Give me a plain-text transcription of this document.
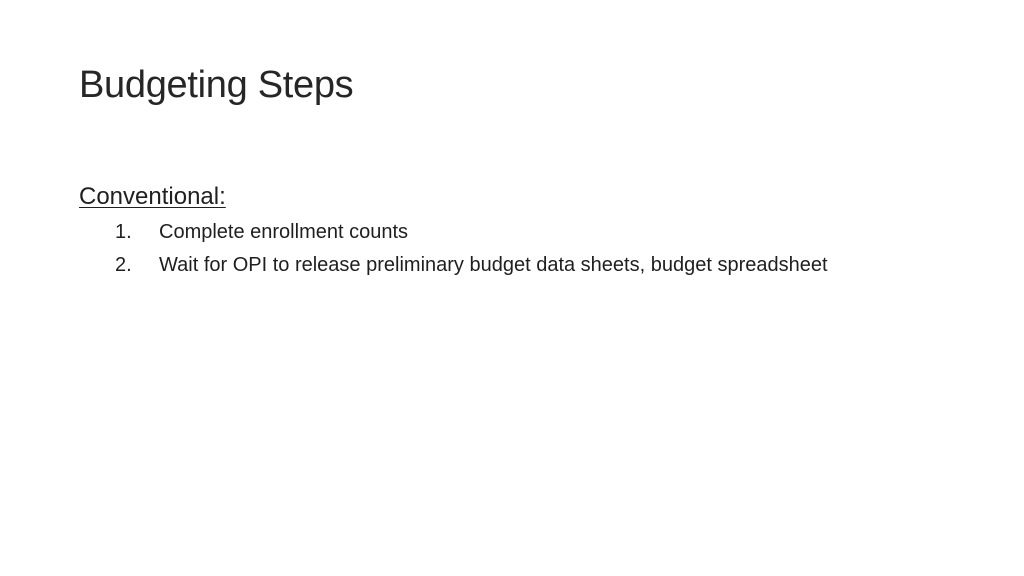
Budgeting Steps
Conventional:
1.	Complete enrollment counts
2.	Wait for OPI to release preliminary budget data sheets, budget spreadsheet
